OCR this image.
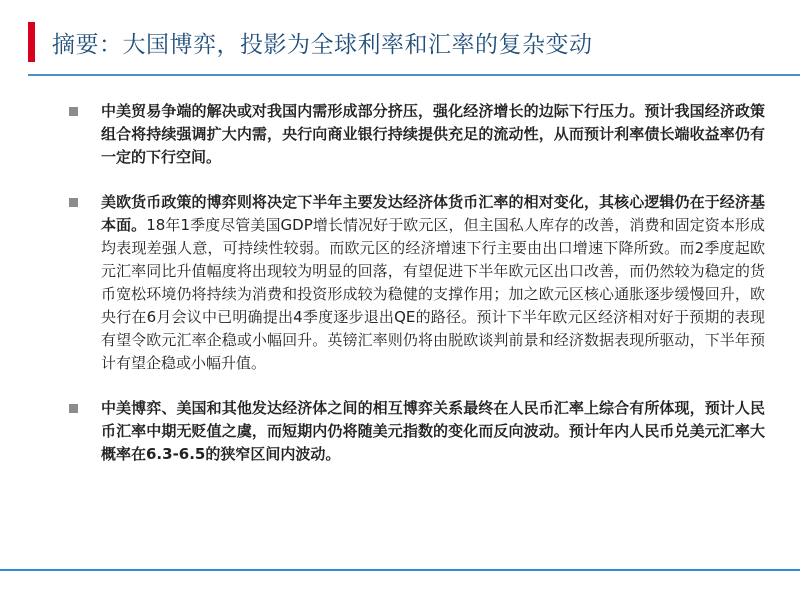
摘要：大国博弈，投影为全球利率和汇率的复杂变动
中美贸易争端的解决或对我国内需形成部分挤压，强化经济增长的边际下行压力。预计我国经济政策组合将持续强调扩大内需，央行向商业银行持续提供充足的流动性，从而预计利率债长端收益率仍有一定的下行空间。
美欧货币政策的博弈则将决定下半年主要发达经济体货币汇率的相对变化，其核心逻辑仍在于经济基本面。18年1季度尽管美国GDP增长情况好于欧元区，但主国私人库存的改善，消费和固定资本形成均表现差强人意，可持续性较弱。而欧元区的经济增速下行主要由出口增速下降所致。而2季度起欧元汇率同比升值幅度将出现较为明显的回落，有望促进下半年欧元区出口改善，而仍然较为稳定的货币宽松环境仍将持续为消费和投资形成较为稳健的支撑作用；加之欧元区核心通胀逐步缓慢回升，欧央行在6月会议中已明确提出4季度逐步退出QE的路径。预计下半年欧元区经济相对好于预期的表现有望令欧元汇率企稳或小幅回升。英镑汇率则仍将由脱欧谈判前景和经济数据表现所驱动，下半年预计有望企稳或小幅升值。
中美博弈、美国和其他发达经济体之间的相互博弈关系最终在人民币汇率上综合有所体现，预计人民币汇率中期无贬值之虞，而短期内仍将随美元指数的变化而反向波动。预计年内人民币兑美元汇率大概率在6.3-6.5的狭窄区间内波动。
